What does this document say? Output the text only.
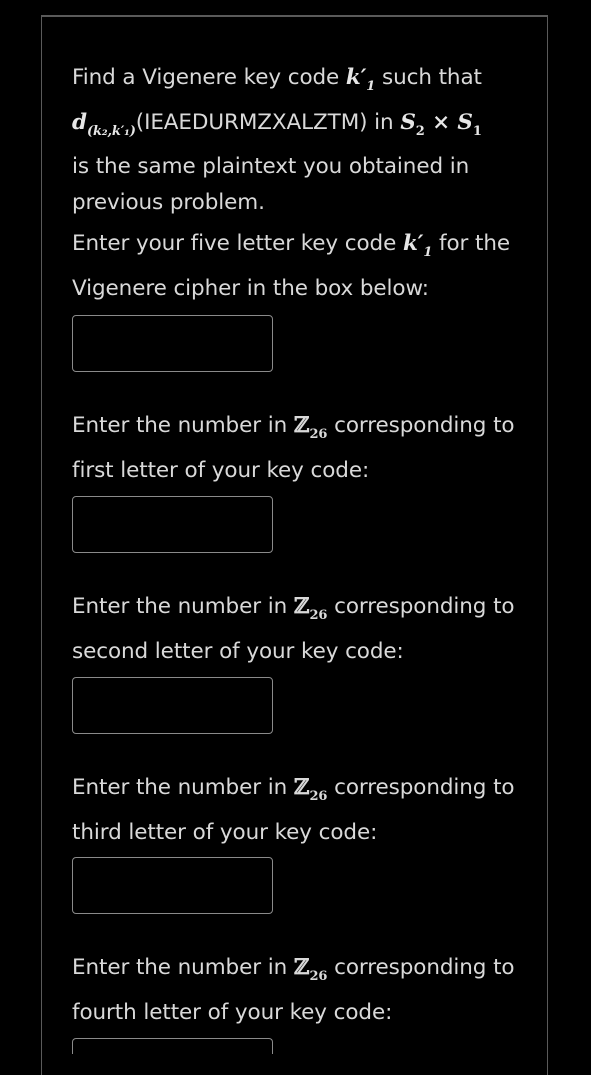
Find a Vigenere key code $k'_1$ such that
$d_{(k_2,k'_1)}(IEAEDURMZXALZTM)$ in $S_2 \times S_1$
is the same plaintext you obtained in
previous problem.
Enter your five letter key code $k'_1$ for the
Vigenere cipher in the box below:
Enter the number in ℤ$_{26}$ corresponding to
first letter of your key code:
Enter the number in ℤ$_{26}$ corresponding to
second letter of your key code:
Enter the number in ℤ$_{26}$ corresponding to
third letter of your key code:
Enter the number in ℤ$_{26}$ corresponding to
fourth letter of your key code:
